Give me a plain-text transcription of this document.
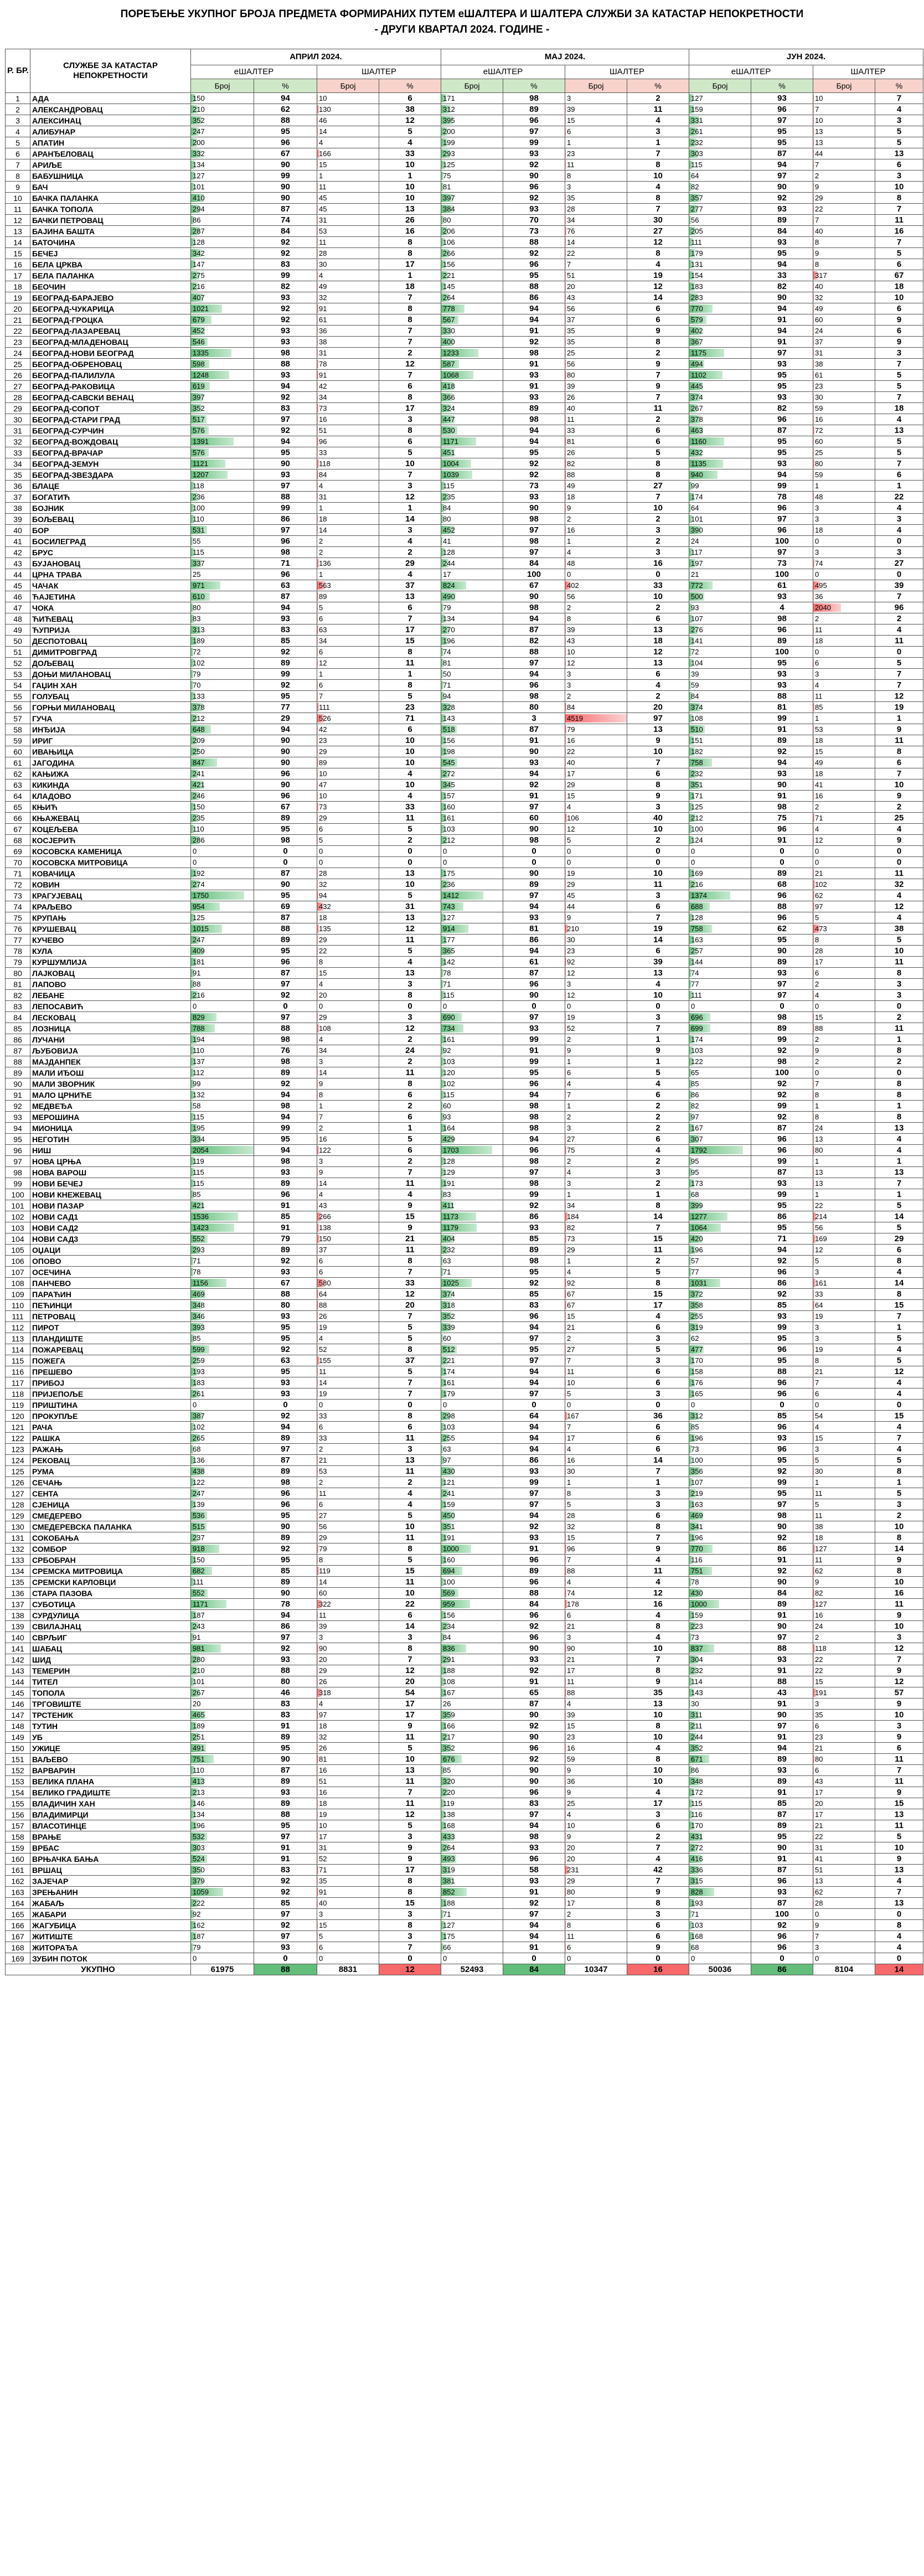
ПОРЕЂЕЊЕ УКУПНОГ БРОЈА ПРЕДМЕТА ФОРМИРАНИХ ПУТЕМ еШАЛТЕРА И ШАЛТЕРА СЛУЖБИ ЗА КАТАСТАР НЕПОКРЕТНОСТИ
- ДРУГИ КВАРТАЛ 2024. ГОДИНЕ -
Р. БР.	СЛУЖБЕ ЗА КАТАСТАР
НЕПОКРЕТНОСТИ	АПРИЛ 2024.				МАЈ 2024.				ЈУН 2024.			
		еШАЛТЕР		ШАЛТЕР		еШАЛТЕР		ШАЛТЕР		еШАЛТЕР		ШАЛТЕР	
		Број	%	Број	%	Број	%	Број	%	Број	%	Број	%
1	АДА	150	94	10	6	171	98	3	2	127	93	10	7
2	АЛЕКСАНДРОВАЦ	210	62	130	38	312	89	39	11	159	96	7	4
3	АЛЕКСИНАЦ	352	88	46	12	395	96	15	4	331	97	10	3
4	АЛИБУНАР	247	95	14	5	200	97	6	3	261	95	13	5
5	АПАТИН	200	96	4	4	199	99	1	1	232	95	13	5
6	АРАНЂЕЛОВАЦ	332	67	166	33	293	93	23	7	303	87	44	13
7	АРИЉЕ	134	90	15	10	125	92	11	8	115	94	7	6
8	БАБУШНИЦА	127	99	1	1	75	90	8	10	64	97	2	3
9	БАЧ	101	90	11	10	81	96	3	4	82	90	9	10
10	БАЧКА ПАЛАНКА	410	90	45	10	397	92	35	8	357	92	29	8
11	БАЧКА ТОПОЛА	294	87	45	13	384	93	28	7	277	93	22	7
12	БАЧКИ ПЕТРОВАЦ	86	74	31	26	80	70	34	30	56	89	7	11
13	БАЈИНА БАШТА	287	84	53	16	206	73	76	27	205	84	40	16
14	БАТОЧИНА	128	92	11	8	106	88	14	12	111	93	8	7
15	БЕЧЕЈ	342	92	28	8	266	92	22	8	179	95	9	5
16	БЕЛА ЦРКВА	147	83	30	17	156	96	7	4	131	94	8	6
17	БЕЛА ПАЛАНКА	275	99	4	1	221	95	51	19	154	33	317	67
18	БЕОЧИН	216	82	49	18	145	88	20	12	183	82	40	18
19	БЕОГРАД-БАРАЈЕВО	407	93	32	7	264	86	43	14	283	90	32	10
20	БЕОГРАД-ЧУКАРИЦА	1021	92	91	8	778	94	56	6	770	94	49	6
21	БЕОГРАД-ГРОЦКА	679	92	61	8	567	94	37	6	579	91	60	9
22	БЕОГРАД-ЛАЗАРЕВАЦ	452	93	36	7	330	91	35	9	402	94	24	6
23	БЕОГРАД-МЛАДЕНОВАЦ	546	93	38	7	400	92	35	8	367	91	37	9
24	БЕОГРАД-НОВИ БЕОГРАД	1335	98	31	2	1233	98	25	2	1175	97	31	3
25	БЕОГРАД-ОБРЕНОВАЦ	598	88	78	12	587	91	56	9	494	93	38	7
26	БЕОГРАД-ПАЛИЛУЛА	1248	93	91	7	1068	93	80	7	1102	95	61	5
27	БЕОГРАД-РАКОВИЦА	619	94	42	6	418	91	39	9	445	95	23	5
28	БЕОГРАД-САВСКИ ВЕНАЦ	397	92	34	8	366	93	26	7	374	93	30	7
29	БЕОГРАД-СОПОТ	352	83	73	17	324	89	40	11	267	82	59	18
30	БЕОГРАД-СТАРИ ГРАД	517	97	16	3	447	98	11	2	378	96	16	4
31	БЕОГРАД-СУРЧИН	576	92	51	8	530	94	33	6	463	87	72	13
32	БЕОГРАД-ВОЖДОВАЦ	1391	94	96	6	1171	94	81	6	1160	95	60	5
33	БЕОГРАД-ВРАЧАР	576	95	33	5	451	95	26	5	432	95	25	5
34	БЕОГРАД-ЗЕМУН	1121	90	118	10	1004	92	82	8	1135	93	80	7
35	БЕОГРАД-ЗВЕЗДАРА	1207	93	84	7	1039	92	88	8	940	94	59	6
36	БЛАЦЕ	118	97	4	3	115	73	49	27	99	99	1	1
37	БОГАТИЋ	236	88	31	12	235	93	18	7	174	78	48	22
38	БОЈНИК	100	99	1	1	84	90	9	10	64	96	3	4
39	БОЉЕВАЦ	110	86	18	14	80	98	2	2	101	97	3	3
40	БОР	531	97	14	3	452	97	16	3	390	96	18	4
41	БОСИЛЕГРАД	55	96	2	4	41	98	1	2	24	100	0	0
42	БРУС	115	98	2	2	128	97	4	3	117	97	3	3
43	БУЈАНОВАЦ	337	71	136	29	244	84	48	16	197	73	74	27
44	ЦРНА ТРАВА	25	96	1	4	17	100	0	0	21	100	0	0
45	ЧАЧАК	971	63	563	37	824	67	402	33	772	61	495	39
46	ЋАЈЕТИНА	610	87	89	13	490	90	56	10	500	93	36	7
47	ЧОКА	80	94	5	6	79	98	2	2	93	4	2040	96
48	ЋИЋЕВАЦ	83	93	6	7	134	94	8	6	107	98	2	2
49	ЋУПРИЈА	313	83	63	17	270	87	39	13	276	96	11	4
50	ДЕСПОТОВАЦ	189	85	34	15	196	82	43	18	141	89	18	11
51	ДИМИТРОВГРАД	72	92	6	8	74	88	10	12	72	100	0	0
52	ДОЉЕВАЦ	102	89	12	11	81	97	12	13	104	95	6	5
53	ДОЊИ МИЛАНОВАЦ	79	99	1	1	50	94	3	6	39	93	3	7
54	ГАЏИН ХАН	70	92	6	8	71	96	3	4	59	93	4	7
55	ГОЛУБАЦ	133	95	7	5	94	98	2	2	84	88	11	12
56	ГОРЊИ МИЛАНОВАЦ	378	77	111	23	328	80	84	20	374	81	85	19
57	ГУЧА	212	29	526	71	143	3	4519	97	108	99	1	1
58	ИНЂИЈА	648	94	42	6	518	87	79	13	510	91	53	9
59	ИРИГ	209	90	23	10	156	91	16	9	151	89	18	11
60	ИВАЊИЦА	250	90	29	10	198	90	22	10	182	92	15	8
61	ЈАГОДИНА	847	90	89	10	545	93	40	7	758	94	49	6
62	КАЊИЖА	241	96	10	4	272	94	17	6	232	93	18	7
63	КИКИНДА	421	90	47	10	345	92	29	8	351	90	41	10
64	КЛАДОВО	246	96	10	4	157	91	15	9	171	91	16	9
65	КЊИЋ	150	67	73	33	160	97	4	3	125	98	2	2
66	КЊАЖЕВАЦ	235	89	29	11	161	60	106	40	212	75	71	25
67	КОЦЕЉЕВА	110	95	6	5	103	90	12	10	100	96	4	4
68	КОСЈЕРИЋ	286	98	5	2	212	98	5	2	124	91	12	9
69	КОСОВСКА КАМЕНИЦА	0	0	0	0	0	0	0	0	0	0	0	0
70	КОСОВСКА МИТРОВИЦА	0	0	0	0	0	0	0	0	0	0	0	0
71	КОВАЧИЦА	192	87	28	13	175	90	19	10	169	89	21	11
72	КОВИН	274	90	32	10	236	89	29	11	216	68	102	32
73	КРАГУЈЕВАЦ	1750	95	94	5	1412	97	45	3	1374	96	62	4
74	КРАЉЕВО	954	69	432	31	743	94	44	6	688	88	97	12
75	КРУПАЊ	125	87	18	13	127	93	9	7	128	96	5	4
76	КРУШЕВАЦ	1015	88	135	12	914	81	210	19	758	62	473	38
77	КУЧЕВО	247	89	29	11	177	86	30	14	163	95	8	5
78	КУЛА	409	95	22	5	365	94	23	6	257	90	28	10
79	КУРШУМЛИЈА	181	96	8	4	142	61	92	39	144	89	17	11
80	ЛАЈКОВАЦ	91	87	15	13	78	87	12	13	74	93	6	8
81	ЛАПОВО	88	97	4	3	71	96	3	4	77	97	2	3
82	ЛЕБАНЕ	216	92	20	8	115	90	12	10	111	97	4	3
83	ЛЕПОСАВИЋ	0	0	0	0	0	0	0	0	0	0	0	0
84	ЛЕСКОВАЦ	829	97	29	3	690	97	19	3	696	98	15	2
85	ЛОЗНИЦА	788	88	108	12	734	93	52	7	699	89	88	11
86	ЛУЧАНИ	194	98	4	2	161	99	2	1	174	99	2	1
87	ЉУБОВИЈА	110	76	34	24	92	91	9	9	103	92	9	8
88	МАЈДАНПЕК	137	98	3	2	103	99	1	1	122	98	2	2
89	МАЛИ ИЂОШ	112	89	14	11	120	95	6	5	65	100	0	0
90	МАЛИ ЗВОРНИК	99	92	9	8	102	96	4	4	85	92	7	8
91	МАЛО ЦРНИЋЕ	132	94	8	6	115	94	7	6	86	92	8	8
92	МЕДВЕЂА	58	98	1	2	60	98	1	2	82	99	1	1
93	МЕРОШИНА	115	94	7	6	93	98	2	2	97	92	8	8
94	МИОНИЦА	195	99	2	1	164	98	3	2	167	87	24	13
95	НЕГОТИН	334	95	16	5	429	94	27	6	307	96	13	4
96	НИШ	2054	94	122	6	1703	96	75	4	1792	96	80	4
97	НОВА ЦРЊА	119	98	3	2	128	98	2	2	95	99	1	1
98	НОВА ВАРОШ	115	93	9	7	129	97	4	3	95	87	13	13
99	НОВИ БЕЧЕЈ	115	89	14	11	191	98	3	2	173	93	13	7
100	НОВИ КНЕЖЕВАЦ	85	96	4	4	83	99	1	1	68	99	1	1
101	НОВИ ПАЗАР	421	91	43	9	411	92	34	8	399	95	22	5
102	НОВИ САД1	1536	85	266	15	1173	86	184	14	1277	86	214	14
103	НОВИ САД2	1423	91	138	9	1179	93	82	7	1064	95	56	5
104	НОВИ САД3	552	79	150	21	404	85	73	15	420	71	169	29
105	ОЏАЦИ	293	89	37	11	232	89	29	11	196	94	12	6
106	ОПОВО	71	92	6	8	63	98	1	2	57	92	5	8
107	ОСЕЧИНА	78	93	6	7	71	95	4	5	77	96	3	4
108	ПАНЧЕВО	1156	67	580	33	1025	92	92	8	1031	86	161	14
109	ПАРАЋИН	469	88	64	12	374	85	67	15	372	92	33	8
110	ПЕЋИНЦИ	348	80	88	20	318	83	67	17	358	85	64	15
111	ПЕТРОВАЦ	346	93	26	7	352	96	15	4	255	93	19	7
112	ПИРОТ	393	95	19	5	339	94	21	6	319	99	3	1
113	ПЛАНДИШТЕ	85	95	4	5	60	97	2	3	62	95	3	5
114	ПОЖАРЕВАЦ	599	92	52	8	512	95	27	5	477	96	19	4
115	ПОЖЕГА	259	63	155	37	221	97	7	3	170	95	8	5
116	ПРЕШЕВО	193	95	11	5	174	94	11	6	158	88	21	12
117	ПРИБОЈ	183	93	14	7	161	94	10	6	176	96	7	4
118	ПРИЈЕПОЉЕ	261	93	19	7	179	97	5	3	165	96	6	4
119	ПРИШТИНА	0	0	0	0	0	0	0	0	0	0	0	0
120	ПРОКУПЉЕ	387	92	33	8	298	64	167	36	312	85	54	15
121	РАЧА	102	94	6	6	103	94	7	6	85	96	4	4
122	РАШКА	265	89	33	11	255	94	17	6	196	93	15	7
123	РАЖАЊ	68	97	2	3	63	94	4	6	73	96	3	4
124	РЕКОВАЦ	136	87	21	13	97	86	16	14	100	95	5	5
125	РУМА	438	89	53	11	430	93	30	7	356	92	30	8
126	СЕЧАЊ	122	98	2	2	121	99	1	1	107	99	1	1
127	СЕНТА	247	96	11	4	241	97	8	3	219	95	11	5
128	СЈЕНИЦА	139	96	6	4	159	97	5	3	163	97	5	3
129	СМЕДЕРЕВО	536	95	27	5	450	94	28	6	469	98	11	2
130	СМЕДЕРЕВСКА ПАЛАНКА	515	90	56	10	351	92	32	8	341	90	38	10
131	СОКОБАЊА	237	89	29	11	191	93	15	7	196	92	18	8
132	СОМБОР	918	92	79	8	1000	91	96	9	770	86	127	14
133	СРБОБРАН	150	95	8	5	160	96	7	4	116	91	11	9
134	СРЕМСКА МИТРОВИЦА	682	85	119	15	694	89	88	11	751	92	62	8
135	СРЕМСКИ КАРЛОВЦИ	111	89	14	11	100	96	4	4	78	90	9	10
136	СТАРА ПАЗОВА	552	90	60	10	569	88	74	12	430	84	82	16
137	СУБОТИЦА	1171	78	322	22	959	84	178	16	1000	89	127	11
138	СУРДУЛИЦА	187	94	11	6	156	96	6	4	159	91	16	9
139	СВИЛАЈНАЦ	243	86	39	14	234	92	21	8	223	90	24	10
140	СВРЉИГ	91	97	3	3	84	96	3	4	73	97	2	3
141	ШАБАЦ	981	92	90	8	836	90	90	10	837	88	118	12
142	ШИД	280	93	20	7	291	93	21	7	304	93	22	7
143	ТЕМЕРИН	210	88	29	12	188	92	17	8	232	91	22	9
144	ТИТЕЛ	101	80	26	20	108	91	11	9	114	88	15	12
145	ТОПОЛА	267	46	318	54	167	65	88	35	143	43	191	57
146	ТРГОВИШТЕ	20	83	4	17	26	87	4	13	30	91	3	9
147	ТРСТЕНИК	465	83	97	17	359	90	39	10	311	90	35	10
148	ТУТИН	189	91	18	9	166	92	15	8	211	97	6	3
149	УБ	251	89	32	11	217	90	23	10	244	91	23	9
150	УЖИЦЕ	491	95	26	5	352	96	16	4	352	94	21	6
151	ВАЉЕВО	751	90	81	10	676	92	59	8	671	89	80	11
152	ВАРВАРИН	110	87	16	13	85	90	9	10	86	93	6	7
153	ВЕЛИКА ПЛАНА	413	89	51	11	320	90	36	10	348	89	43	11
154	ВЕЛИКО ГРАДИШТЕ	213	93	16	7	220	96	9	4	172	91	17	9
155	ВЛАДИЧИН ХАН	146	89	18	11	119	83	25	17	115	85	20	15
156	ВЛАДИМИРЦИ	134	88	19	12	138	97	4	3	116	87	17	13
157	ВЛАСОТИНЦЕ	196	95	10	5	168	94	10	6	170	89	21	11
158	ВРАЊЕ	532	97	17	3	433	98	9	2	431	95	22	5
159	ВРБАС	303	91	31	9	264	93	20	7	272	90	31	10
160	ВРЊАЧКА БАЊА	524	91	52	9	493	96	20	4	416	91	41	9
161	ВРШАЦ	350	83	71	17	319	58	231	42	336	87	51	13
162	ЗАЈЕЧАР	379	92	35	8	381	93	29	7	315	96	13	4
163	ЗРЕЊАНИН	1059	92	91	8	852	91	80	9	828	93	62	7
164	ЖАБАЉ	222	85	40	15	188	92	17	8	193	87	28	13
165	ЖАБАРИ	92	97	3	3	71	97	2	3	71	100	0	0
166	ЖАГУБИЦА	162	92	15	8	127	94	8	6	103	92	9	8
167	ЖИТИШТЕ	187	97	5	3	175	94	11	6	168	96	7	4
168	ЖИТОРАЂА	79	93	6	7	66	91	6	9	68	96	3	4
169	ЗУБИН ПОТОК	0	0	0	0	0	0	0	0	0	0	0	0
УКУПНО		61975	88	8831	12	52493	84	10347	16	50036	86	8104	14
